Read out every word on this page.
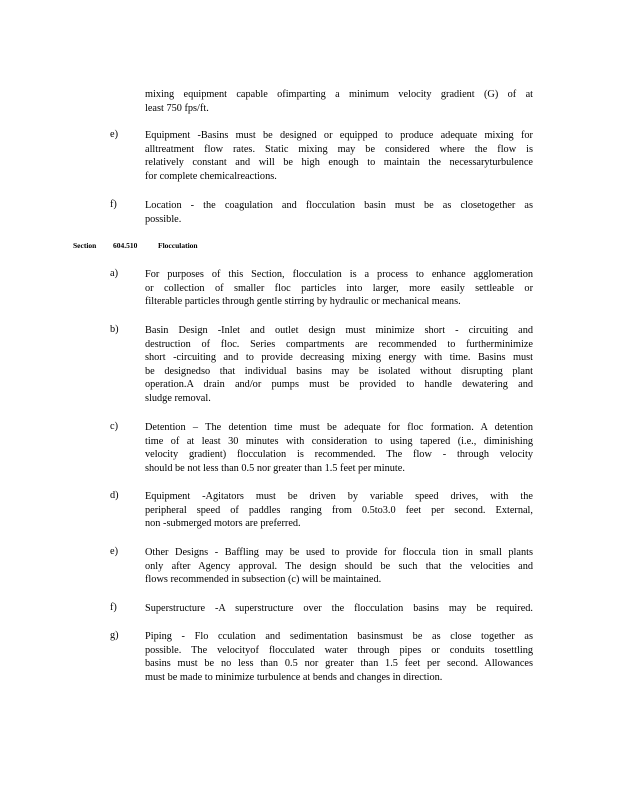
mixing equipment capable ofimparting a minimum velocity gradient (G) of at

least 750 fps/ft.

e)	Equipment -Basins must be designed or equipped to produce adequate mixing for

alltreatment flow rates. Static mixing may be considered where the flow is

relatively constant and will be high enough to maintain the necessaryturbulence

for complete chemicalreactions.

f)	Location - the coagulation and flocculation basin must be as closetogether as

possible.

Section 604.510	Flocculation
a)	For purposes of this Section, flocculation is a process to enhance agglomeration

or collection of smaller floc particles into larger, more easily settleable or

filterable particles through gentle stirring by hydraulic or mechanical means.

b)	Basin Design -Inlet and outlet design must minimize short - circuiting and

destruction of floc. Series compartments are recommended to furtherminimize

short -circuiting and to provide decreasing mixing energy with time. Basins must

be designedso that individual basins may be isolated without disrupting plant

operation.A drain and/or pumps must be provided to handle dewatering and

sludge removal.

c)	Detention – The detention time must be adequate for floc formation. A detention

time of at least 30 minutes with consideration to using tapered (i.e., diminishing

velocity gradient) flocculation is recommended. The flow - through velocity

should be not less than 0.5 nor greater than 1.5 feet per minute.

d)	Equipment -Agitators must be driven by variable speed drives, with the

peripheral speed of paddles ranging from 0.5to3.0 feet per second. External,

non -submerged motors are preferred.

e)	Other Designs - Baffling may be used to provide for floccula tion in small plants

only after Agency approval. The design should be such that the velocities and

flows recommended in subsection (c) will be maintained.

f)	Superstructure -A superstructure over the flocculation basins may be required.

g)	Piping - Flo cculation and sedimentation basinsmust be as close together as

possible. The velocityof flocculated water through pipes or conduits tosettling

basins must be no less than 0.5 nor greater than 1.5 feet per second. Allowances

must be made to minimize turbulence at bends and changes in direction.
